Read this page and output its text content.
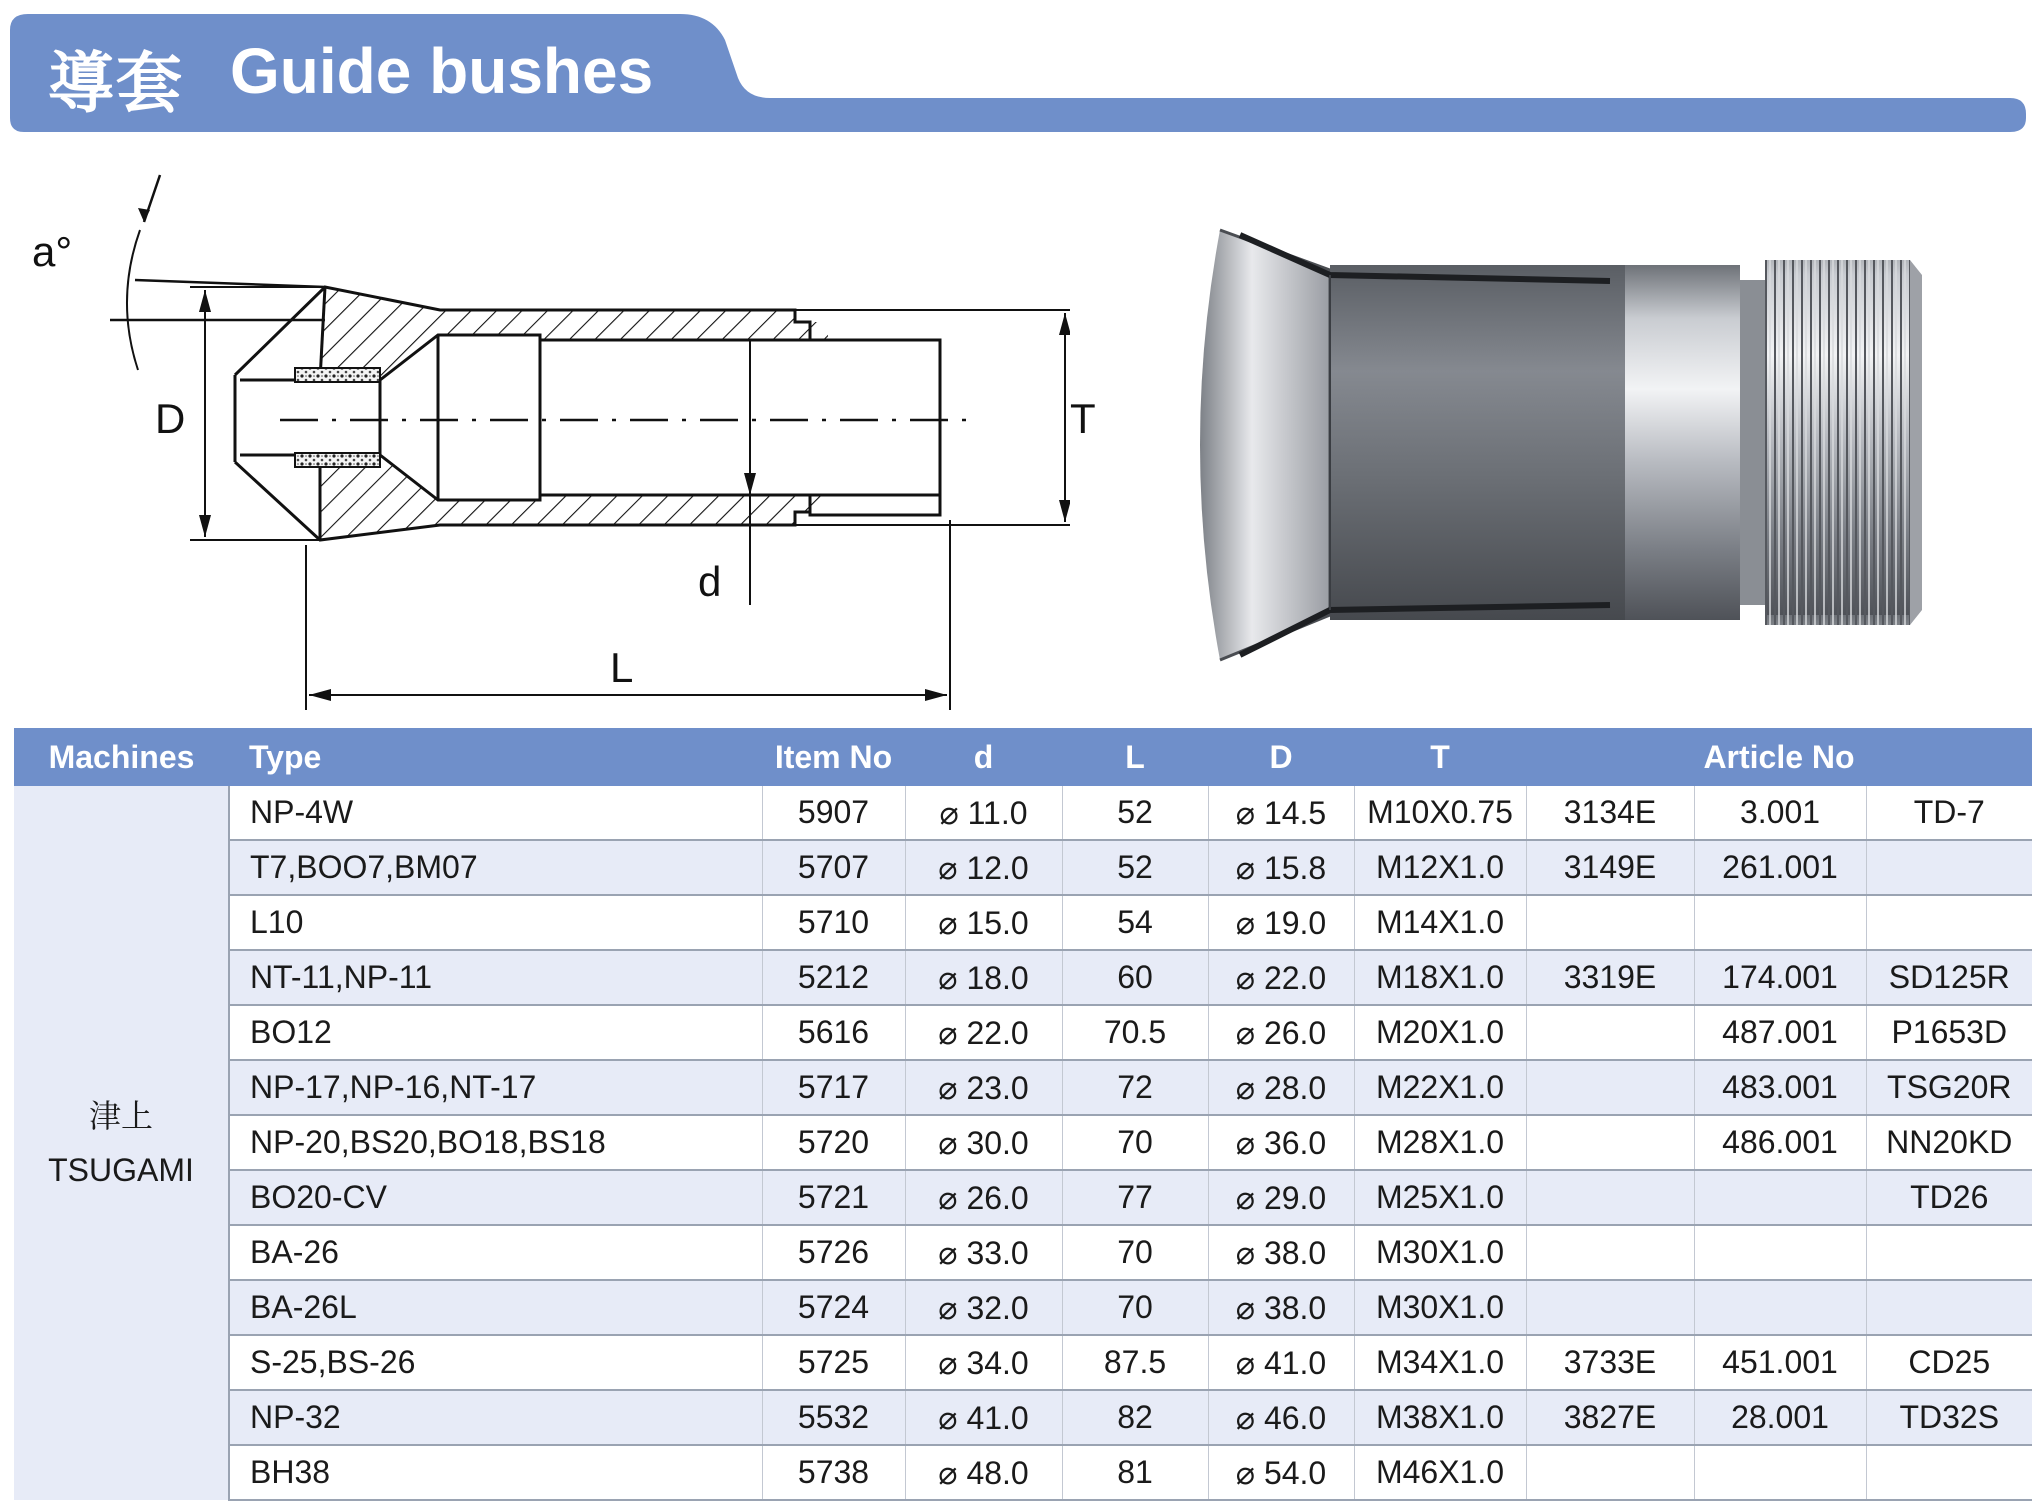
導套 Guide bushes
a°
D	T
d
L
Machines	Type	Item No	d	L	D	T	Article No		

津上
TSUGAMI	NP-4W	5907	⌀ 11.0	52	⌀ 14.5	M10X0.75	3134E	3.001	TD-7
	T7,BOO7,BM07	5707	⌀ 12.0	52	⌀ 15.8	M12X1.0	3149E	261.001	
	L10	5710	⌀ 15.0	54	⌀ 19.0	M14X1.0			
	NT-11,NP-11	5212	⌀ 18.0	60	⌀ 22.0	M18X1.0	3319E	174.001	SD125R
	BO12	5616	⌀ 22.0	70.5	⌀ 26.0	M20X1.0		487.001	P1653D
	NP-17,NP-16,NT-17	5717	⌀ 23.0	72	⌀ 28.0	M22X1.0		483.001	TSG20R
	NP-20,BS20,BO18,BS18	5720	⌀ 30.0	70	⌀ 36.0	M28X1.0		486.001	NN20KD
	BO20-CV	5721	⌀ 26.0	77	⌀ 29.0	M25X1.0			TD26
	BA-26	5726	⌀ 33.0	70	⌀ 38.0	M30X1.0			
	BA-26L	5724	⌀ 32.0	70	⌀ 38.0	M30X1.0			
	S-25,BS-26	5725	⌀ 34.0	87.5	⌀ 41.0	M34X1.0	3733E	451.001	CD25
	NP-32	5532	⌀ 41.0	82	⌀ 46.0	M38X1.0	3827E	28.001	TD32S
	BH38	5738	⌀ 48.0	81	⌀ 54.0	M46X1.0			
